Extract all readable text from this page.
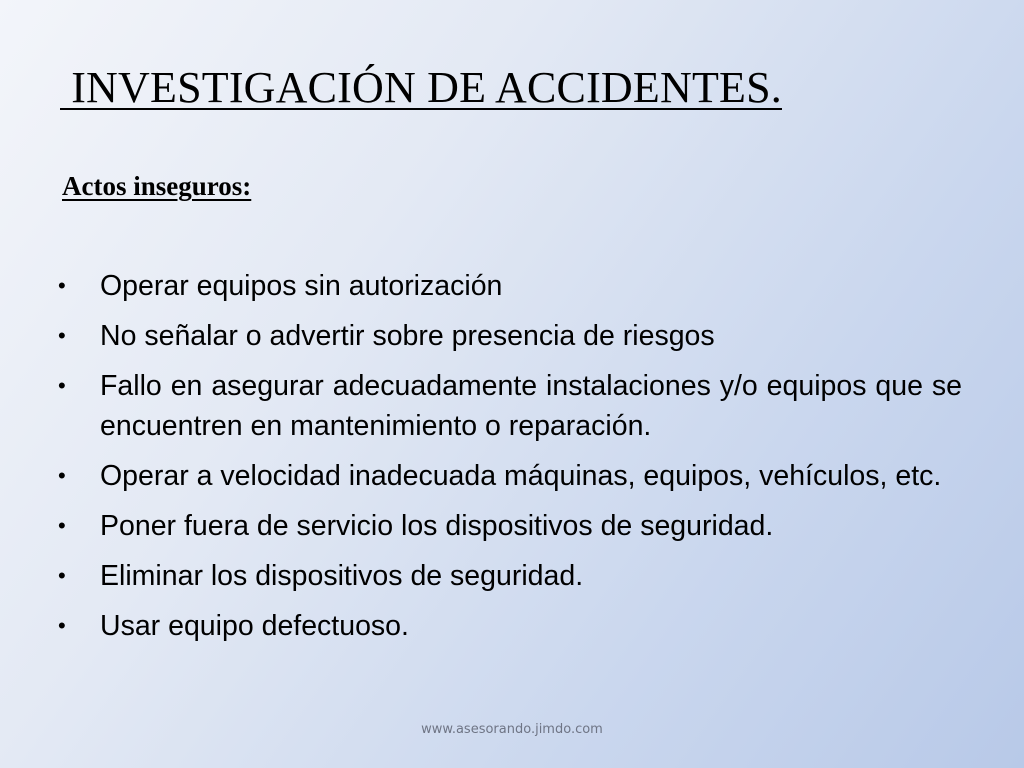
INVESTIGACIÓN DE ACCIDENTES.
Actos inseguros:
•	Operar equipos sin autorización
•	No señalar o advertir sobre presencia de riesgos
•	Fallo en asegurar adecuadamente instalaciones y/o equipos que se encuentren en mantenimiento o reparación.
•	Operar a velocidad inadecuada máquinas, equipos, vehículos, etc.
•	Poner fuera de servicio los dispositivos de seguridad.
•	Eliminar los dispositivos de seguridad.
•	Usar equipo defectuoso.
www.asesorando.jimdo.com
